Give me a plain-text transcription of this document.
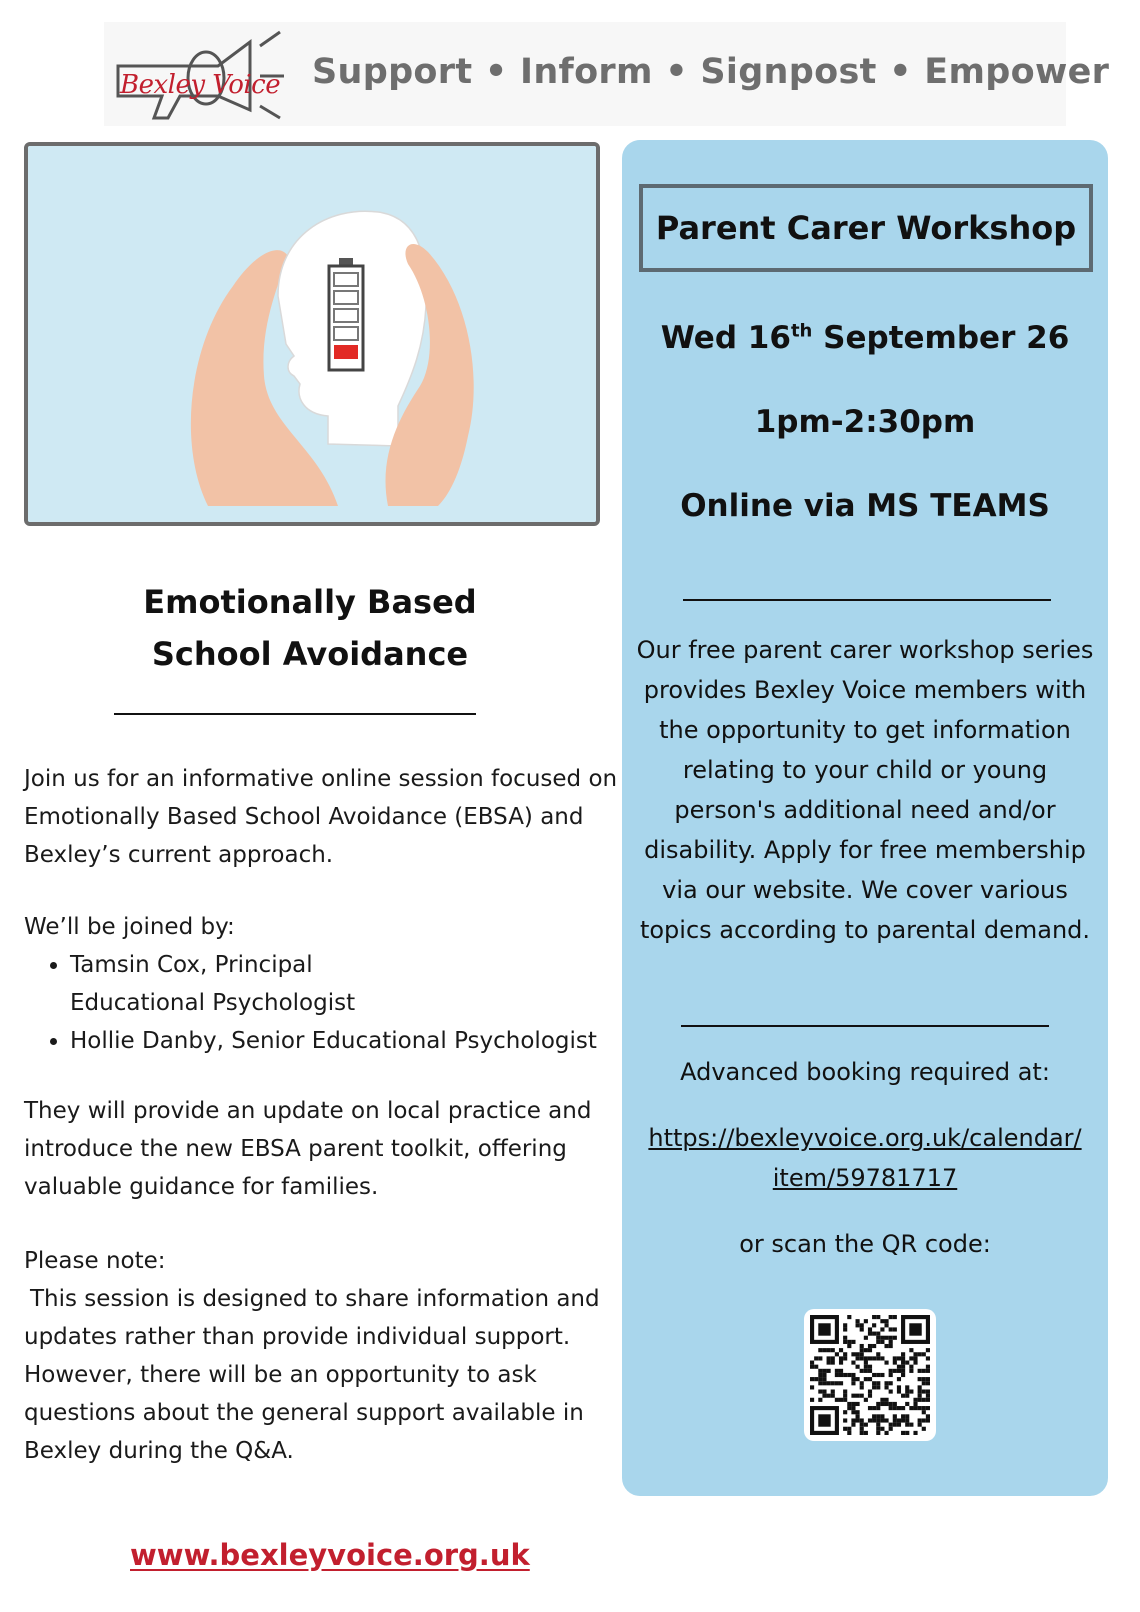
Bexley Voice Support • Inform • Signpost • Empower
Emotionally Based
School Avoidance
Join us for an informative online session focused on Emotionally Based School Avoidance (EBSA) and Bexley’s current approach.
We’ll be joined by:
• Tamsin Cox, Principal Educational Psychologist
• Hollie Danby, Senior Educational Psychologist
They will provide an update on local practice and introduce the new EBSA parent toolkit, offering valuable guidance for families.
Please note:
This session is designed to share information and updates rather than provide individual support. However, there will be an opportunity to ask questions about the general support available in Bexley during the Q&A.
www.bexleyvoice.org.uk
Parent Carer Workshop
Wed 16th September 26
1pm-2:30pm
Online via MS TEAMS
Our free parent carer workshop series provides Bexley Voice members with the opportunity to get information relating to your child or young person's additional need and/or disability. Apply for free membership via our website. We cover various topics according to parental demand.
Advanced booking required at:
https://bexleyvoice.org.uk/calendar/
item/59781717
or scan the QR code:
